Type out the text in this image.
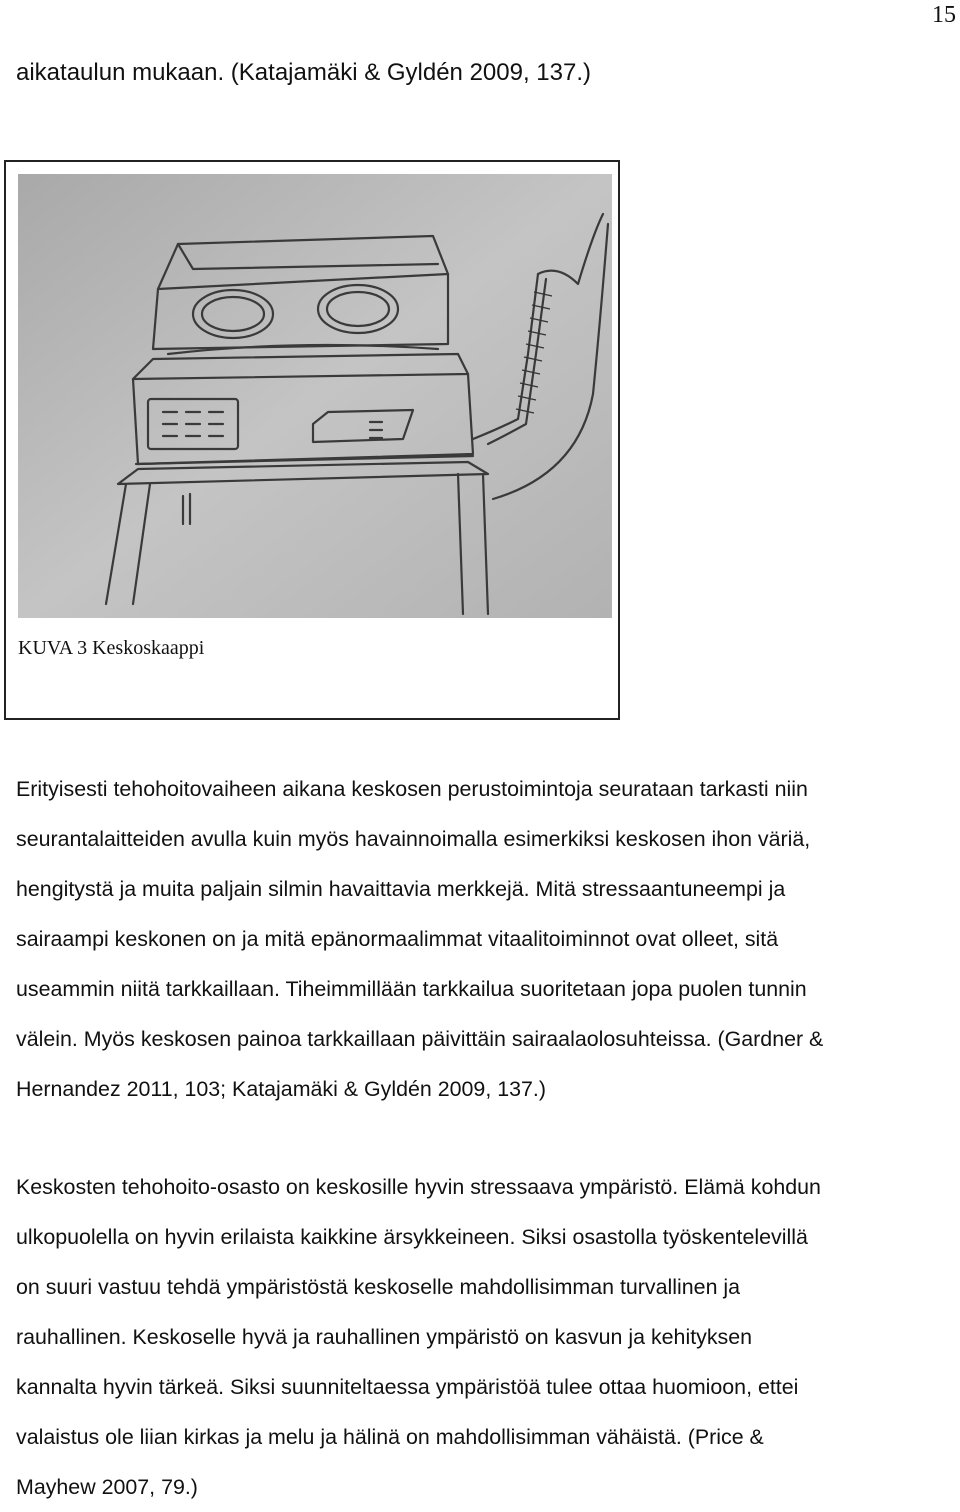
15
aikataulun mukaan. (Katajamäki & Gyldén 2009, 137.)
KUVA 3 Keskoskaappi
Erityisesti tehohoitovaiheen aikana keskosen perustoimintoja seurataan tarkasti niin
seurantalaitteiden avulla kuin myös havainnoimalla esimerkiksi keskosen ihon väriä,
hengitystä ja muita paljain silmin havaittavia merkkejä. Mitä stressaantuneempi ja
sairaampi keskonen on ja mitä epänormaalimmat vitaalitoiminnot ovat olleet, sitä
useammin niitä tarkkaillaan. Tiheimmillään tarkkailua suoritetaan jopa puolen tunnin
välein. Myös keskosen painoa tarkkaillaan päivittäin sairaalaolosuhteissa. (Gardner &
Hernandez 2011, 103; Katajamäki & Gyldén 2009, 137.)
Keskosten tehohoito-osasto on keskosille hyvin stressaava ympäristö. Elämä kohdun
ulkopuolella on hyvin erilaista kaikkine ärsykkeineen. Siksi osastolla työskentelevillä
on suuri vastuu tehdä ympäristöstä keskoselle mahdollisimman turvallinen ja
rauhallinen. Keskoselle hyvä ja rauhallinen ympäristö on kasvun ja kehityksen
kannalta hyvin tärkeä. Siksi suunniteltaessa ympäristöä tulee ottaa huomioon, ettei
valaistus ole liian kirkas ja melu ja hälinä on mahdollisimman vähäistä. (Price &
Mayhew 2007, 79.)
